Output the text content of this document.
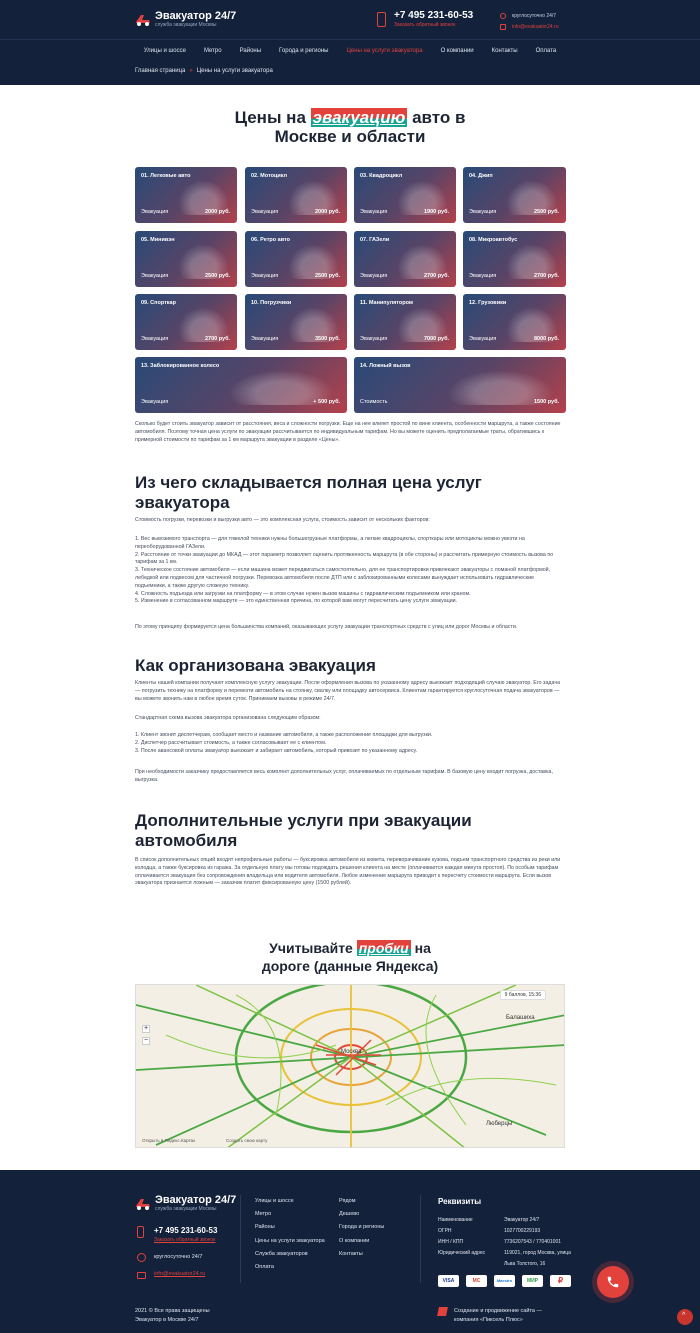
Эвакуатор 24/7
служба эвакуации Москвы
+7 495 231-60-53
Заказать обратный звонок
круглосуточно 24/7
info@evakuator24.ru
Улицы и шоссе	Метро	Районы	Города и регионы	Цены на услуги эвакуатора	О компании	Контакты	Оплата
Главная страница » Цены на услуги эвакуатора
Цены на эвакуацию авто в
Москве и области
01. Легковые авто
Эвакуация	2000 руб.
02. Мотоцикл
Эвакуация	2000 руб.
03. Квадроцикл
Эвакуация	1900 руб.
04. Джип
Эвакуация	2500 руб.
05. Минивэн
Эвакуация	2500 руб.
06. Ретро авто
Эвакуация	2500 руб.
07. ГАЗели
Эвакуация	2700 руб.
08. Микроавтобус
Эвакуация	2700 руб.
09. Спорткар
Эвакуация	2700 руб.
10. Погрузчики
Эвакуация	3500 руб.
11. Манипулятором
Эвакуация	7000 руб.
12. Грузовики
Эвакуация	8000 руб.
13. Заблокированное колесо
Эвакуация	+ 500 руб.
14. Ложный вызов
Стоимость	1500 руб.
Сколько будет стоить эвакуатор зависит от расстояния, веса и сложности погрузки. Еще на нее влияет простой по вине клиента, особенности маршрута, а также состояние автомобиля. Поэтому точная цена услуги по эвакуации рассчитывается по индивидуальным тарифам. Но вы можете оценить предполагаемые траты, обратившись к примерной стоимости по тарифам за 1 км маршрута эвакуации в разделе «Цены».
Из чего складывается полная цена услуг эвакуатора
Стоимость погрузки, перевозки и выгрузки авто — это комплексная услуга, стоимость зависит от нескольких факторов:
1. Вес вывозимого транспорта — для тяжелой техники нужны большегрузные платформы, а легкие квадроциклы, спорткары или мотоциклы можно увезти на переоборудованной ГАЗели.
2. Расстояние от точки эвакуации до МКАД — этот параметр позволяет оценить протяженность маршрута (в обе стороны) и рассчитать примерную стоимость вызова по тарифам за 1 км.
3. Техническое состояние автомобиля — если машина может передвигаться самостоятельно, для ее транспортировки привлекают эвакуаторы с ломаной платформой, лебедкой или подвесом для частичной погрузки. Перевозка автомобиля после ДТП или с заблокированными колесами вынуждает использовать гидравлические подъемники, а также другую сложную технику.
4. Сложность подъезда или загрузки на платформу — в этом случае нужен вызов машины с гидравлическим подъемником или краном.
5. Изменение в согласованном маршруте — это единственная причина, по которой вам могут пересчитать цену услуги эвакуации.
По этому принципу формируется цена большинства компаний, оказывающих услугу эвакуации транспортных средств с улиц или дорог Москвы и области.
Как организована эвакуация
Клиенты нашей компании получают комплексную услугу эвакуации. После оформления вызова по указанному адресу выезжает подходящий случаю эвакуатор. Его задача — погрузить технику на платформу и перевезти автомобиль на стоянку, свалку или площадку автосервиса. Клиентам гарантируется круглосуточная подача эвакуаторов — вы можете звонить нам в любое время суток. Принимаем вызовы в режиме 24/7.
Стандартная схема вызова эвакуатора организована следующим образом:
1. Клиент звонит диспетчерам, сообщает место и название автомобиля, а также расположение площадки для выгрузки.
2. Диспетчер рассчитывает стоимость, а также согласовывает ее с клиентом.
3. После авансовой оплаты эвакуатор выезжает и забирает автомобиль, который привозит по указанному адресу.
При необходимости заказчику предоставляется весь комплект дополнительных услуг, оплачиваемых по отдельным тарифам. В базовую цену входит погрузка, доставка, выгрузка.
Дополнительные услуги при эвакуации автомобиля
В список дополнительных опций входят непрофильные работы — буксировка автомобиля из кювета, переворачивание кузова, подъем транспортного средства из реки или колодца, а также буксировка из гаража. За отдельную плату мы готовы подождать решения клиента на месте (оплачивается каждая минута простоя). По особым тарифам оплачивается эвакуация без сопровождения владельца или водителя автомобиля. Любое изменение маршрута приводит к пересчету стоимости маршрута. Если вызов эвакуатора признается ложным — заказчик платит фиксированную цену (1500 рублей).
Учитывайте пробки на
дороге (данные Яндекса)
9 баллов, 15:36
+
−
Балашиха
Москва
Люберцы
Открыть в Яндекс.Картах	Создать свою карту
Эвакуатор 24/7
служба эвакуации Москвы
+7 495 231-60-53
Заказать обратный звонок
круглосуточно 24/7
info@evakuator24.ru
Улицы и шоссе
Метро
Районы
Цены на услуги эвакуатора
Служба эвакуаторов
Оплата
Рядом
Дешево
Города и регионы
О компании
Контакты
Реквизиты
Наименование	Эвакуатор 24/7
ОГРН	1027700229193
ИНН / КПП	7736207543 / 770401001
Юридический адрес	119021, город Москва, улица Льва Толстого, 16
VISA	MC	Maestro	МИР	₽
2021 © Все права защищены
Эвакуатор в Москве 24/7
Создание и продвижение сайта —
компания «Пиксель Плюс»
^
